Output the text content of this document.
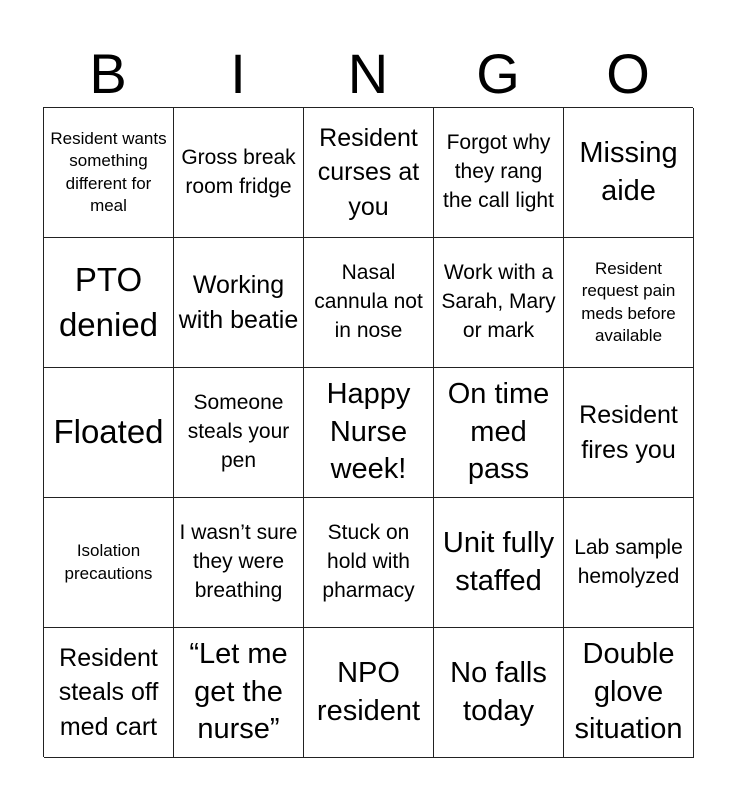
B	I	N	G	O
Resident wants something different for meal
Gross break room fridge
Resident curses at you
Forgot why they rang the call light
Missing aide
PTO denied
Working with beatie
Nasal cannula not in nose
Work with a Sarah, Mary or mark
Resident request pain meds before available
Floated
Someone steals your pen
Happy Nurse week!
On time med pass
Resident fires you
Isolation precautions
I wasn’t sure they were breathing
Stuck on hold with pharmacy
Unit fully staffed
Lab sample hemolyzed
Resident steals off med cart
“Let me get the nurse”
NPO resident
No falls today
Double glove situation
